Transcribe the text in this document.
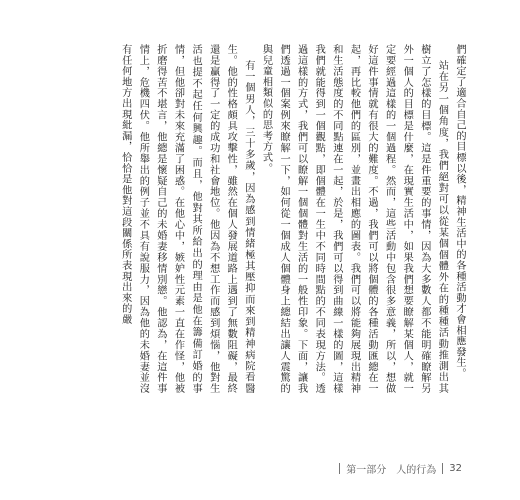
們確定了適合自己的目標以後，精神生活中的各種活動才會相應發生。

站在另一個角度，我們絕對可以從某個個體外在的種種活動推測出其樹立了怎樣的目標。這是件重要的事情，因為大多數人都不能明確瞭解另外一個人的目標是什麼，在現實生活中，如果我們想要瞭解某個人，就一定要經過這樣的一個過程。然而，這些活動中包含很多意義，所以，想做好這件事情就有很大的難度。不過，我們可以將個體的各種活動匯總在一起，再比較他們的區別，並畫出相應的圖表。我們可以將能夠展現出精神和生活態度的不同點連在一起，於是，我們可以得到曲線一樣的圖，這樣我們就能得到一個觀點，即個體在一生中不同時間點的不同表現方法。透過這樣的方式，我們可以瞭解一個個體對生活的一般性印象。下面，讓我們透過一個案例來瞭解一下，如何從一個成人個體身上總結出讓人震驚的與兒童相類似的思考方式。

有一個男人，三十多歲，因為感到情緒極其壓抑而來到精神病院看醫生。他的性格頗具攻擊性，雖然在個人發展道路上遇到了無數阻礙，最終還是贏得了一定的成功和社會地位。他因為不想工作而感到煩惱，他對生活也提不起任何興趣。而且，他對其所給出的理由是他在籌備訂婚的事情，但他卻對未來充滿了困惑。在他心中，嫉妒性元素一直在作怪，他被折磨得苦不堪言，他總是懷疑自己的未婚妻移情別戀。他認為，在這件事情上，危機四伏。他所舉出的例子並不具有說服力，因為他的未婚妻並沒有任何地方出現紕漏，恰恰是他對這段關係所表現出來的嚴

第一部分　人的行為 32
